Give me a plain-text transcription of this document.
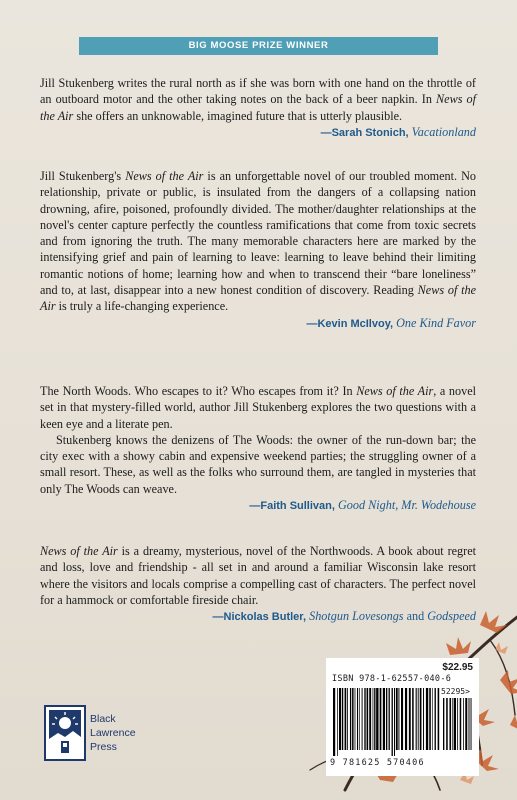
BIG MOOSE PRIZE WINNER

Jill Stukenberg writes the rural north as if she was born with one hand on the throttle of an outboard motor and the other taking notes on the back of a beer napkin. In News of the Air she offers an unknowable, imagined future that is utterly plausible.
—Sarah Stonich, Vacationland

Jill Stukenberg's News of the Air is an unforgettable novel of our troubled moment. No relationship, private or public, is insulated from the dangers of a collapsing nation drowning, afire, poisoned, profoundly divided. The mother/daughter relationships at the novel's center capture perfectly the countless ramifications that come from toxic secrets and from ignoring the truth. The many memorable characters here are marked by the intensifying grief and pain of learning to leave: learning to leave behind their limiting romantic notions of home; learning how and when to transcend their “bare loneliness” and to, at last, disappear into a new honest condition of discovery. Reading News of the Air is truly a life-changing experience.

—Kevin McIlvoy, One Kind Favor

The North Woods. Who escapes to it? Who escapes from it? In News of the Air, a novel set in that mystery-filled world, author Jill Stukenberg explores the two questions with a keen eye and a literate pen.

Stukenberg knows the denizens of The Woods: the owner of the run-down bar; the city exec with a showy cabin and expensive weekend parties; the struggling owner of a small resort. These, as well as the folks who surround them, are tangled in mysteries that only The Woods can weave.

—Faith Sullivan, Good Night, Mr. Wodehouse

News of the Air is a dreamy, mysterious, novel of the Northwoods. A book about regret and loss, love and friendship - all set in and around a familiar Wisconsin lake resort where the visitors and locals comprise a compelling cast of characters. The perfect novel for a hammock or comfortable fireside chair.
—Nickolas Butler, Shotgun Lovesongs and Godspeed

Black
Lawrence
Press
$22.95
ISBN 978-1-62557-040-6
52295>
9 781625 570406
